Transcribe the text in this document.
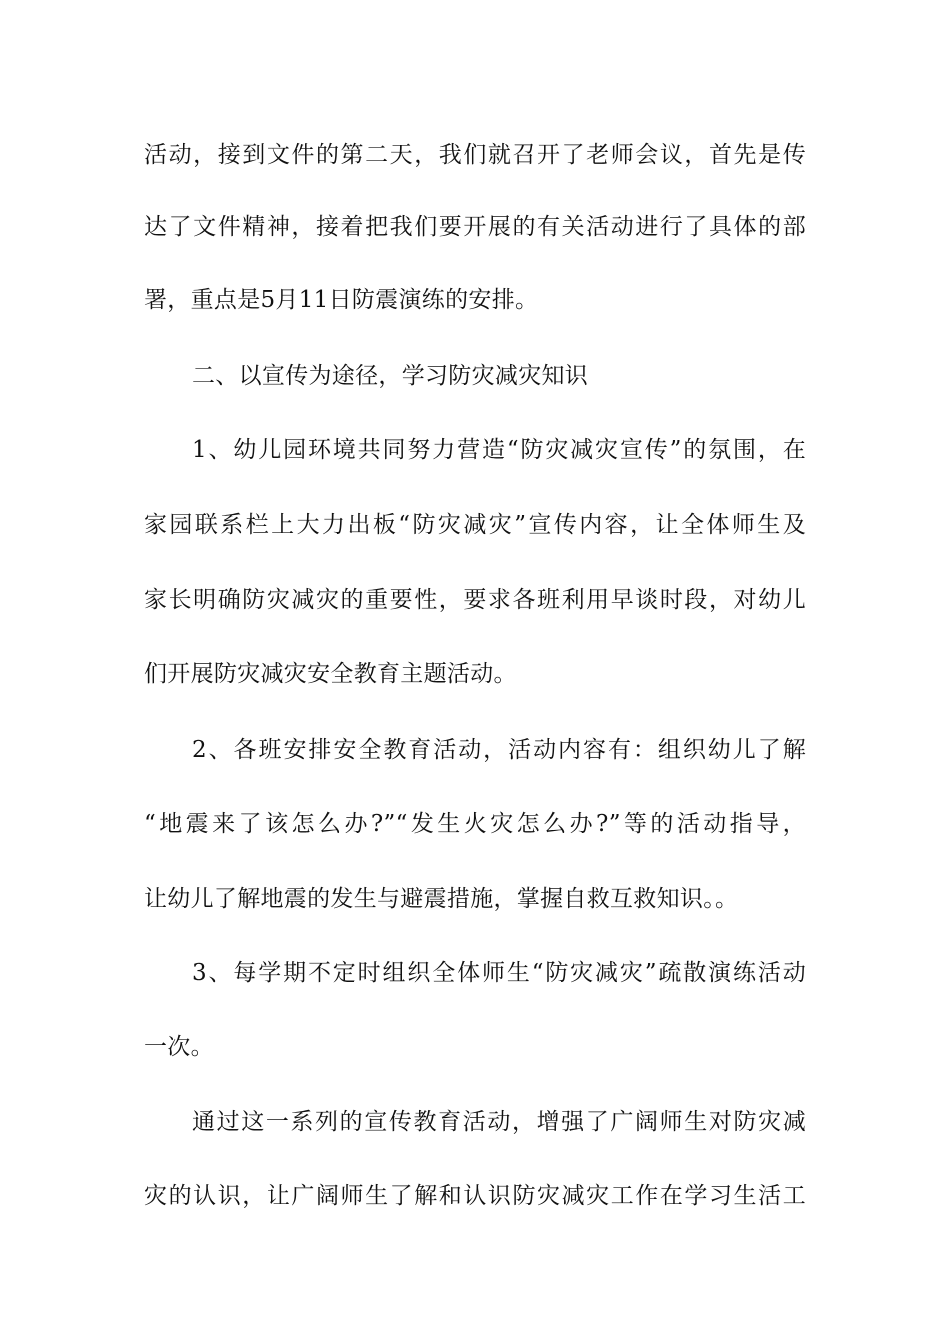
活动，接到文件的第二天，我们就召开了老师会议，首先是传
达了文件精神，接着把我们要开展的有关活动进行了具体的部
署，重点是5月11日防震演练的安排。
二、以宣传为途径，学习防灾减灾知识
1、幼儿园环境共同努力营造“防灾减灾宣传”的氛围，在
家园联系栏上大力出板“防灾减灾”宣传内容，让全体师生及
家长明确防灾减灾的重要性，要求各班利用早谈时段，对幼儿
们开展防灾减灾安全教育主题活动。
2、各班安排安全教育活动，活动内容有：组织幼儿了解
“地震来了该怎么办?”“发生火灾怎么办?”等的活动指导，
让幼儿了解地震的发生与避震措施，掌握自救互救知识。。
3、每学期不定时组织全体师生“防灾减灾”疏散演练活动
一次。
通过这一系列的宣传教育活动，增强了广阔师生对防灾减
灾的认识，让广阔师生了解和认识防灾减灾工作在学习生活工
